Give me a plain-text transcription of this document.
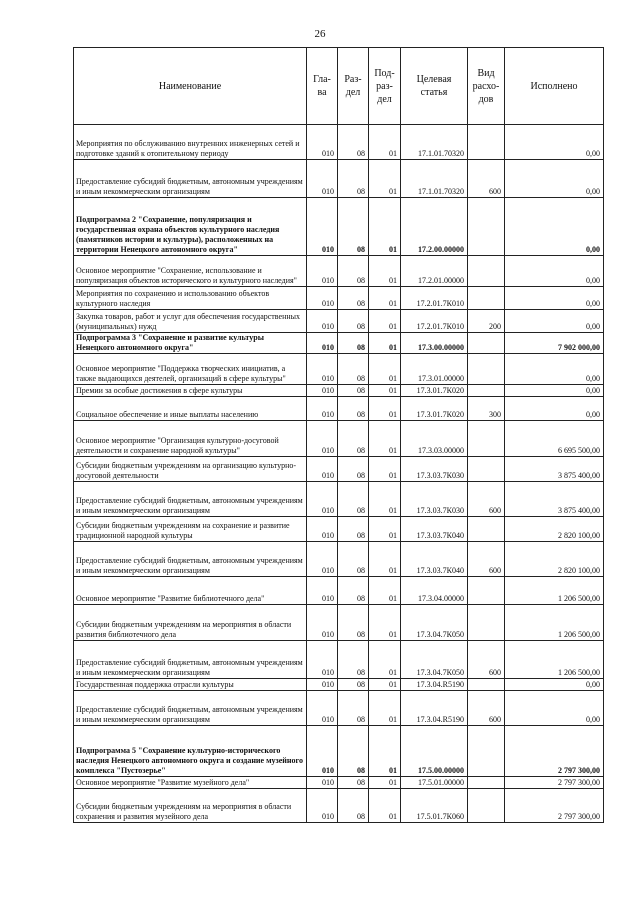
26
Наименование	Гла-ва	Раз-дел	Под-раз-дел	Целевая статья	Вид расхо-дов	Исполнено
Мероприятия по обслуживанию внутренних инженерных сетей и подготовке зданий к отопительному периоду	010	08	01	17.1.01.70320		0,00
Предоставление субсидий бюджетным, автономным учреждениям и иным некоммерческим организациям	010	08	01	17.1.01.70320	600	0,00
Подпрограмма 2 "Сохранение, популяризация и государственная охрана объектов культурного наследия (памятников истории и культуры), расположенных на территории Ненецкого автономного округа"	010	08	01	17.2.00.00000		0,00
Основное мероприятие "Сохранение, использование и популяризация объектов исторического и культурного наследия"	010	08	01	17.2.01.00000		0,00
Мероприятия по сохранению и использованию объектов культурного наследия	010	08	01	17.2.01.7К010		0,00
Закупка товаров, работ и услуг для обеспечения государственных (муниципальных) нужд	010	08	01	17.2.01.7К010	200	0,00
Подпрограмма 3 "Сохранение и развитие культуры Ненецкого автономного округа"	010	08	01	17.3.00.00000		7 902 000,00
Основное мероприятие "Поддержка творческих инициатив, а также выдающихся деятелей, организаций в сфере культуры"	010	08	01	17.3.01.00000		0,00
Премии за особые достижения в сфере культуры	010	08	01	17.3.01.7К020		0,00
Социальное обеспечение и иные выплаты населению	010	08	01	17.3.01.7К020	300	0,00
Основное мероприятие "Организация культурно-досуговой деятельности и сохранение народной культуры"	010	08	01	17.3.03.00000		6 695 500,00
Субсидии бюджетным учреждениям на организацию культурно-досуговой деятельности	010	08	01	17.3.03.7К030		3 875 400,00
Предоставление субсидий бюджетным, автономным учреждениям и иным некоммерческим организациям	010	08	01	17.3.03.7К030	600	3 875 400,00
Субсидии бюджетным учреждениям на сохранение и развитие традиционной народной культуры	010	08	01	17.3.03.7К040		2 820 100,00
Предоставление субсидий бюджетным, автономным учреждениям и иным некоммерческим организациям	010	08	01	17.3.03.7К040	600	2 820 100,00
Основное мероприятие "Развитие библиотечного дела"	010	08	01	17.3.04.00000		1 206 500,00
Субсидии бюджетным учреждениям на мероприятия в области развития библиотечного дела	010	08	01	17.3.04.7К050		1 206 500,00
Предоставление субсидий бюджетным, автономным учреждениям и иным некоммерческим организациям	010	08	01	17.3.04.7К050	600	1 206 500,00
Государственная поддержка отрасли культуры	010	08	01	17.3.04.R5190		0,00
Предоставление субсидий бюджетным, автономным учреждениям и иным некоммерческим организациям	010	08	01	17.3.04.R5190	600	0,00
Подпрограмма 5 "Сохранение культурно-исторического наследия Ненецкого автономного округа и создание музейного комплекса "Пустозерье"	010	08	01	17.5.00.00000		2 797 300,00
Основное мероприятие "Развитие музейного дела"	010	08	01	17.5.01.00000		2 797 300,00
Субсидии бюджетным учреждениям на мероприятия в области сохранения и развития музейного дела	010	08	01	17.5.01.7К060		2 797 300,00
